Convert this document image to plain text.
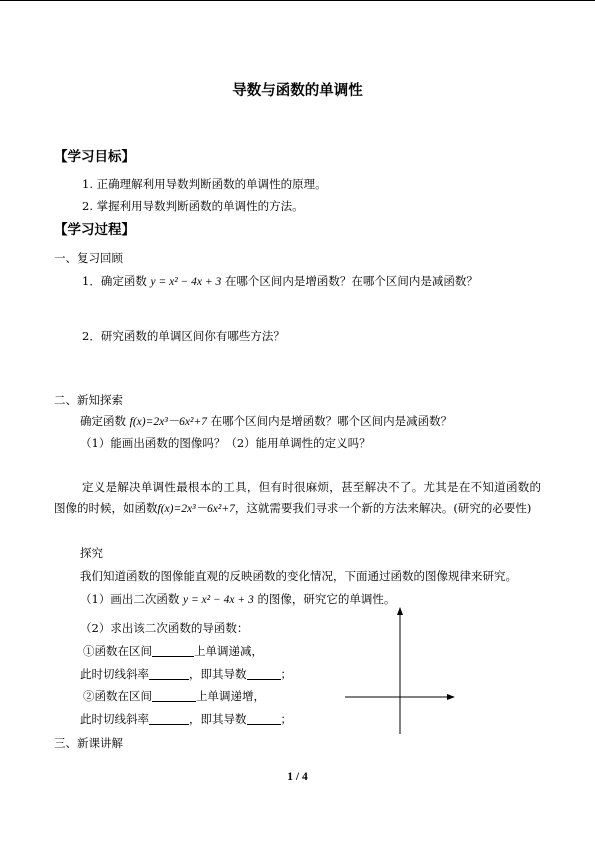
导数与函数的单调性
【学习目标】
1. 正确理解利用导数判断函数的单调性的原理。
2. 掌握利用导数判断函数的单调性的方法。
【学习过程】
一、复习回顾
1．确定函数 y = x² − 4x + 3 在哪个区间内是增函数？在哪个区间内是减函数？
2．研究函数的单调区间你有哪些方法？
二、新知探索
确定函数 f(x)=2x³－6x²+7 在哪个区间内是增函数？哪个区间内是减函数？
（1）能画出函数的图像吗？（2）能用单调性的定义吗？
定义是解决单调性最根本的工具，但有时很麻烦，甚至解决不了。尤其是在不知道函数的图像的时候，如函数f(x)=2x³－6x²+7，这就需要我们寻求一个新的方法来解决。(研究的必要性)
探究
我们知道函数的图像能直观的反映函数的变化情况，下面通过函数的图像规律来研究。
（1）画出二次函数 y = x² − 4x + 3 的图像，研究它的单调性。
（2）求出该二次函数的导函数：
①函数在区间	上单调递减，
此时切线斜率	，即其导数	；
②函数在区间	上单调递增，
此时切线斜率	，即其导数	；
三、新课讲解
1 / 4
